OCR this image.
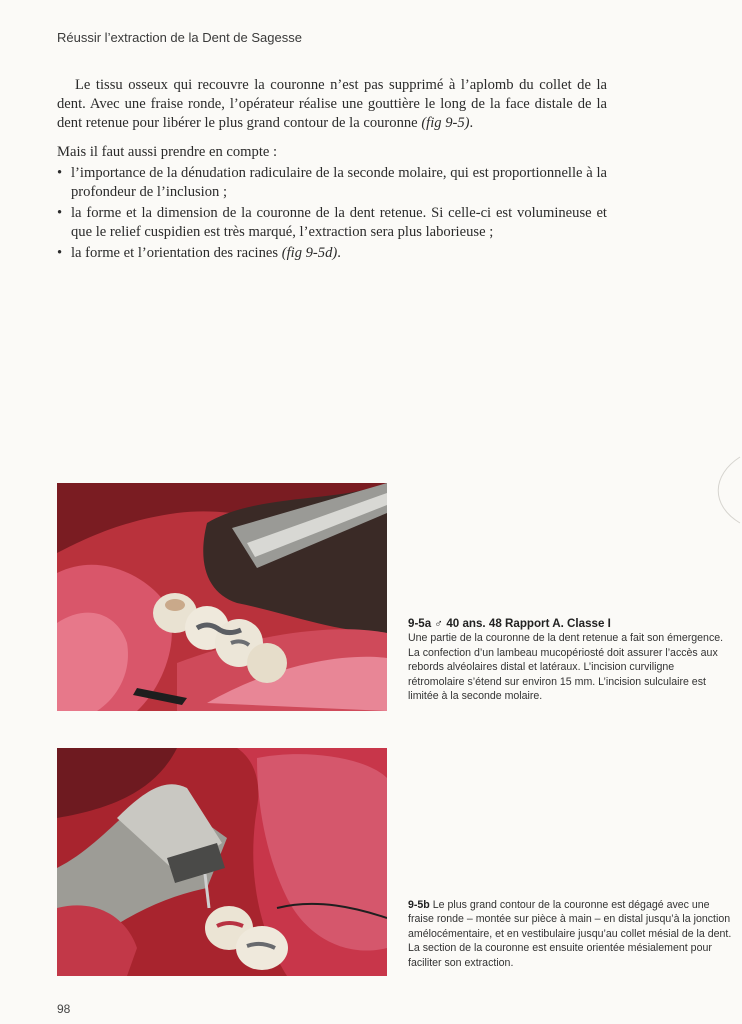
Réussir l’extraction de la Dent de Sagesse

Le tissu osseux qui recouvre la couronne n’est pas supprimé à l’aplomb du collet de la dent. Avec une fraise ronde, l’opérateur réalise une gouttière le long de la face distale de la dent retenue pour libérer le plus grand contour de la couronne (fig 9-5).

Mais il faut aussi prendre en compte :

• l’importance de la dénudation radiculaire de la seconde molaire, qui est proportionnelle à la profondeur de l’inclusion ;
• la forme et la dimension de la couronne de la dent retenue. Si celle-ci est volumineuse et que le relief cuspidien est très marqué, l’extraction sera plus laborieuse ;
• la forme et l’orientation des racines (fig 9-5d).
9-5a ♂ 40 ans. 48 Rapport A. Classe I
Une partie de la couronne de la dent retenue a fait son émergence. La confection d’un lambeau mucopériosté doit assurer l’accès aux rebords alvéolaires distal et latéraux. L’incision curviligne rétromolaire s’étend sur environ 15 mm. L’incision sulculaire est limitée à la seconde molaire.
9-5b Le plus grand contour de la couronne est dégagé avec une fraise ronde – montée sur pièce à main – en distal jusqu’à la jonction amélocémentaire, et en vestibulaire jusqu’au collet mésial de la dent. La section de la couronne est ensuite orientée mésialement pour faciliter son extraction.
98
